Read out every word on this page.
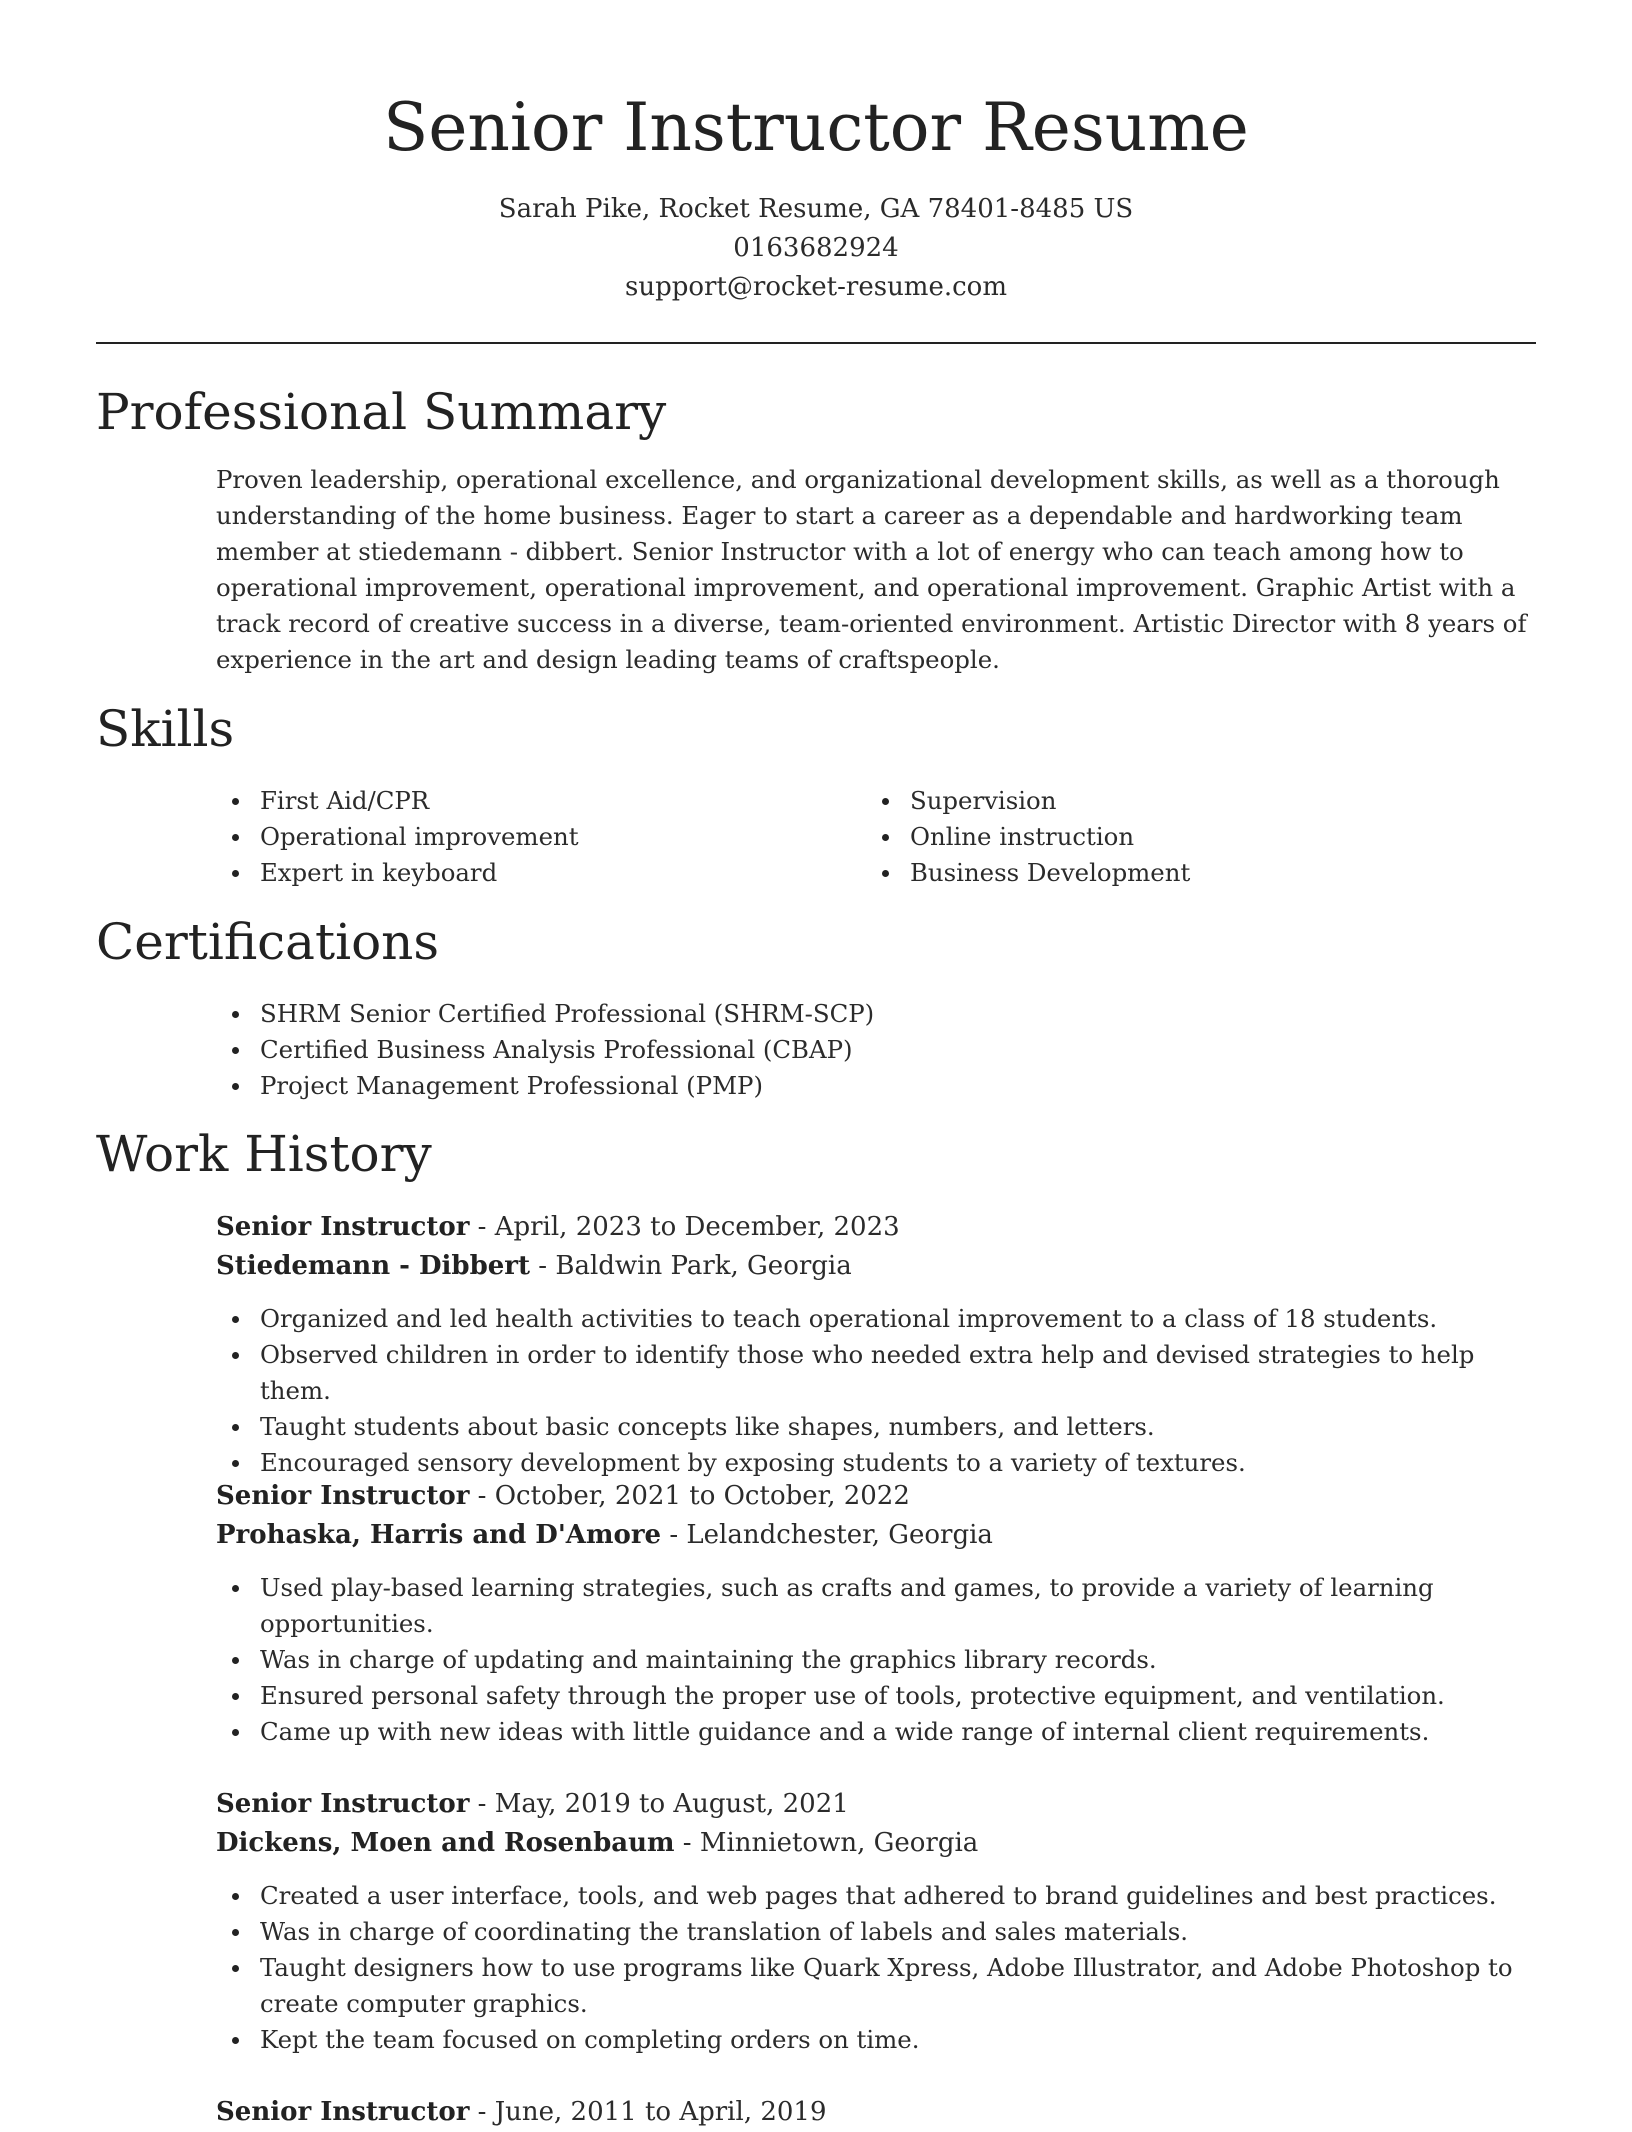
Senior Instructor Resume
Sarah Pike, Rocket Resume, GA 78401-8485 US
0163682924
support@rocket-resume.com
Professional Summary

Proven leadership, operational excellence, and organizational development skills, as well as a thorough understanding of the home business. Eager to start a career as a dependable and hardworking team member at stiedemann - dibbert. Senior Instructor with a lot of energy who can teach among how to operational improvement, operational improvement, and operational improvement. Graphic Artist with a track record of creative success in a diverse, team-oriented environment. Artistic Director with 8 years of experience in the art and design leading teams of craftspeople.

Skills
First Aid/CPR
Operational improvement
Expert in keyboard
Supervision
Online instruction
Business Development
Certifications
SHRM Senior Certified Professional (SHRM-SCP)
Certified Business Analysis Professional (CBAP)
Project Management Professional (PMP)
Work History

Senior Instructor - April, 2023 to December, 2023

Stiedemann - Dibbert - Baldwin Park, Georgia

Organized and led health activities to teach operational improvement to a class of 18 students.
Observed children in order to identify those who needed extra help and devised strategies to help them.
Taught students about basic concepts like shapes, numbers, and letters.
Encouraged sensory development by exposing students to a variety of textures.

Senior Instructor - October, 2021 to October, 2022

Prohaska, Harris and D'Amore - Lelandchester, Georgia

Used play-based learning strategies, such as crafts and games, to provide a variety of learning opportunities.
Was in charge of updating and maintaining the graphics library records.
Ensured personal safety through the proper use of tools, protective equipment, and ventilation.
Came up with new ideas with little guidance and a wide range of internal client requirements.

Senior Instructor - May, 2019 to August, 2021

Dickens, Moen and Rosenbaum - Minnietown, Georgia

Created a user interface, tools, and web pages that adhered to brand guidelines and best practices.
Was in charge of coordinating the translation of labels and sales materials.
Taught designers how to use programs like Quark Xpress, Adobe Illustrator, and Adobe Photoshop to create computer graphics.
Kept the team focused on completing orders on time.

Senior Instructor - June, 2011 to April, 2019
